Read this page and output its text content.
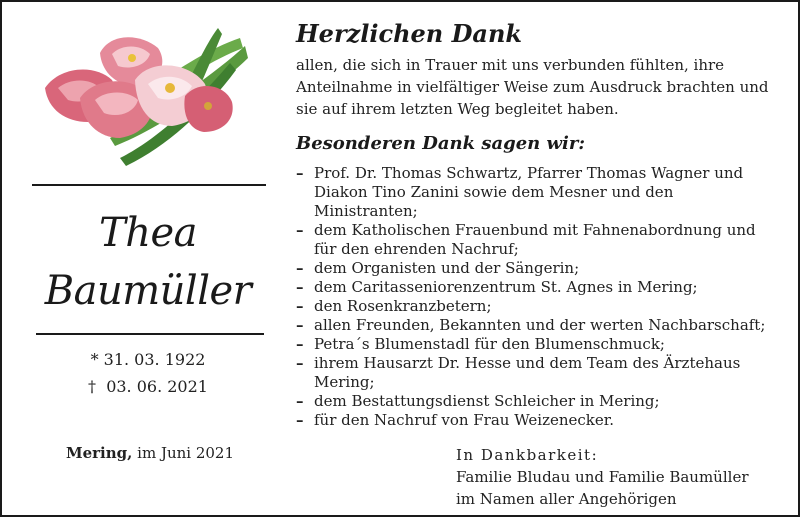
Thea
Baumüller
* 31. 03. 1922
† 03. 06. 2021
Mering, im Juni 2021
Herzlichen Dank

allen, die sich in Trauer mit uns verbunden fühlten, ihre Anteilnahme in vielfältiger Weise zum Ausdruck brachten und sie auf ihrem letzten Weg begleitet haben.

Besonderen Dank sagen wir:
– Prof. Dr. Thomas Schwartz, Pfarrer Thomas Wagner und Diakon Tino Zanini sowie dem Mesner und den Ministranten;
– dem Katholischen Frauenbund mit Fahnenabordnung und für den ehrenden Nachruf;
– dem Organisten und der Sängerin;
– dem Caritasseniorenzentrum St. Agnes in Mering;
– den Rosenkranzbetern;
– allen Freunden, Bekannten und der werten Nachbarschaft;
– Petra´s Blumenstadl für den Blumenschmuck;
– ihrem Hausarzt Dr. Hesse und dem Team des Ärztehaus Mering;
– dem Bestattungsdienst Schleicher in Mering;
– für den Nachruf von Frau Weizenecker.
In Dankbarkeit:
Familie Bludau und Familie Baumüller
im Namen aller Angehörigen
